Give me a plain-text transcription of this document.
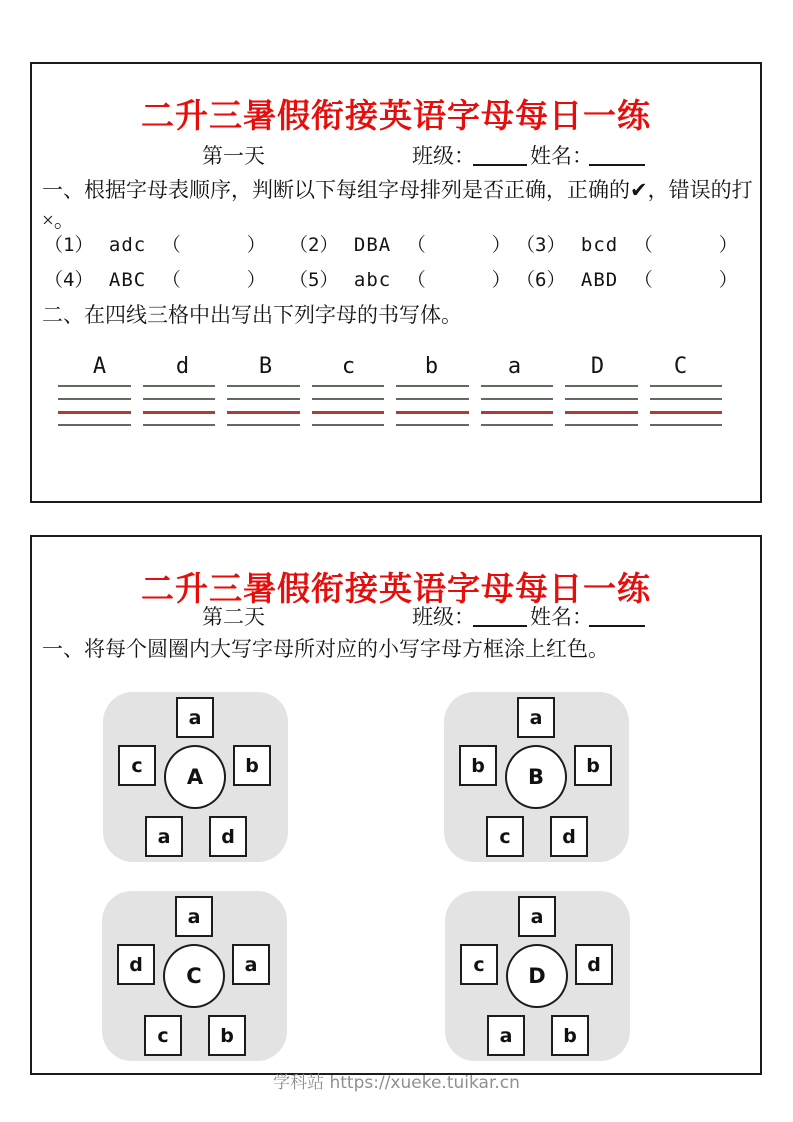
二升三暑假衔接英语字母每日一练
第一天	班级：	姓名：
一、根据字母表顺序，判断以下每组字母排列是否正确，正确的✔，错误的打
×。
（1） adc （	） （2） DBA （	） （3） bcd （	）
（4） ABC （	） （5） abc （	） （6） ABD （	）
二、在四线三格中出写出下列字母的书写体。
A	d	B	c	b	a	D	C
二升三暑假衔接英语字母每日一练
第二天	班级：	姓名：
一、将每个圆圈内大写字母所对应的小写字母方框涂上红色。
a
c	A	b
a	d
a
b	B	b
c	d
a
d	C	a
c	b
a
c	D	d
a	b
学科站 https://xueke.tuikar.cn
